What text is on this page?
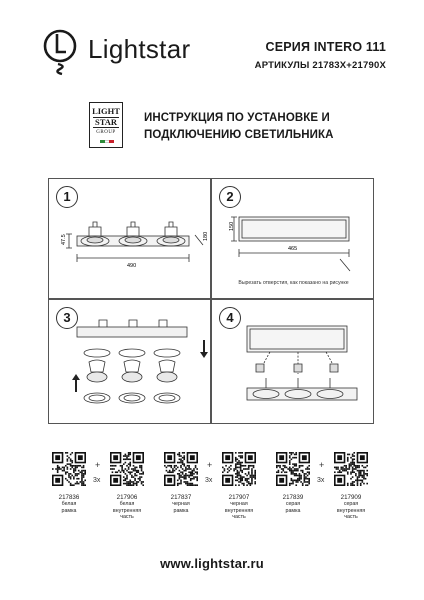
Lightstar	СЕРИЯ INTERO 111
АРТИКУЛЫ 21783X+21790X
LIGHT
STAR
GROUP
ИНСТРУКЦИЯ ПО УСТАНОВКЕ И
ПОДКЛЮЧЕНИЮ СВЕТИЛЬНИКА
47.5
490
180
1
150
465
2
Вырезать отверстия, как показано на рисунке
3	4
217836
белая
рамка
+
3x
217906
белая внутренняя
часть
217837
черная
рамка
+
3x
217907
черная внутренняя
часть
217839
серая
рамка
+
3x
217909
серая внутренняя
часть
www.lightstar.ru
